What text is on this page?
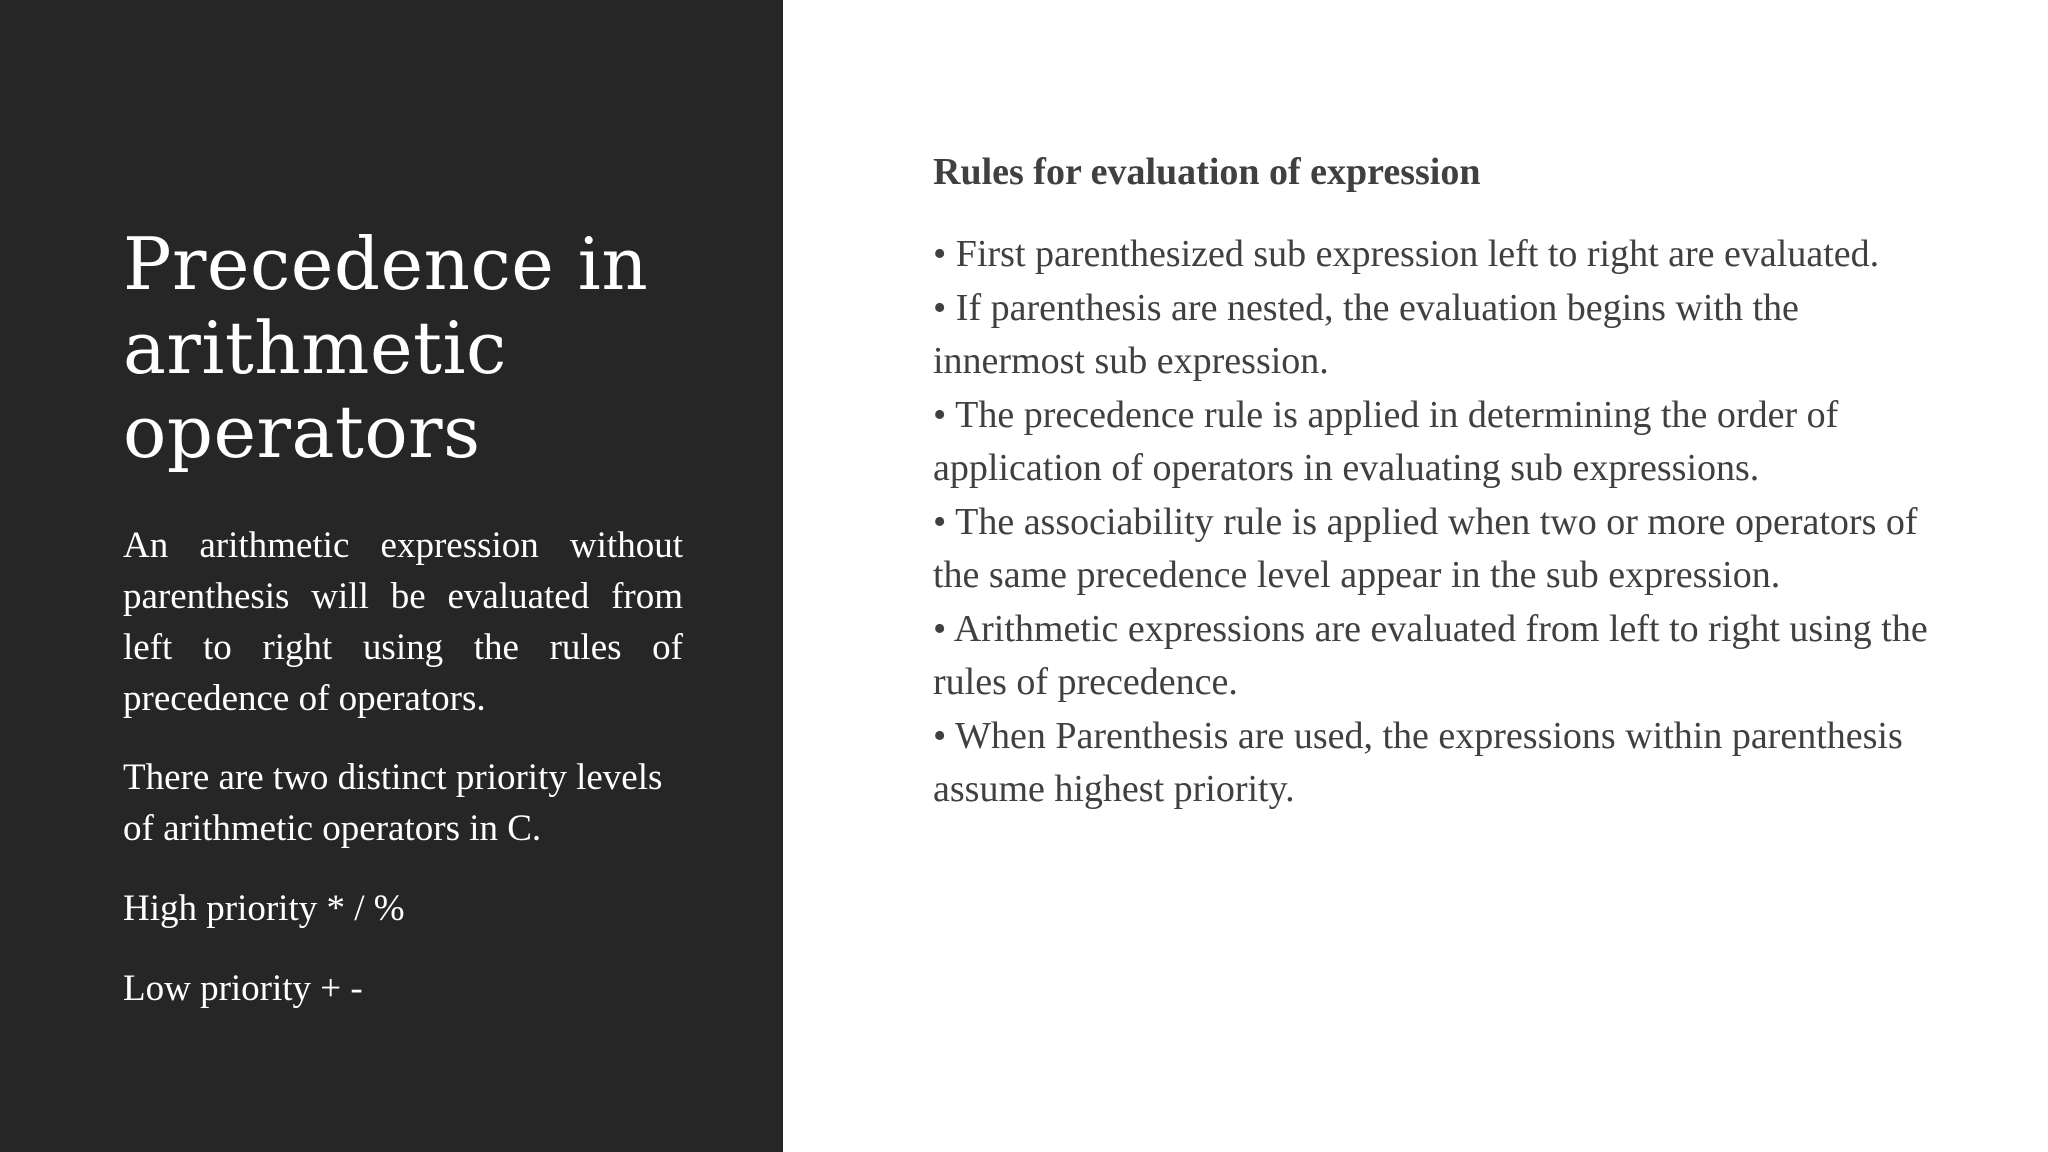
Precedence in arithmetic operators

An arithmetic expression without parenthesis will be evaluated from left to right using the rules of precedence of operators.

There are two distinct priority levels of arithmetic operators in C.

High priority * / %

Low priority + -

Rules for evaluation of expression
• First parenthesized sub expression left to right are evaluated.
• If parenthesis are nested, the evaluation begins with the innermost sub expression.
• The precedence rule is applied in determining the order of application of operators in evaluating sub expressions.
• The associability rule is applied when two or more operators of the same precedence level appear in the sub expression.
• Arithmetic expressions are evaluated from left to right using the rules of precedence.
• When Parenthesis are used, the expressions within parenthesis assume highest priority.
